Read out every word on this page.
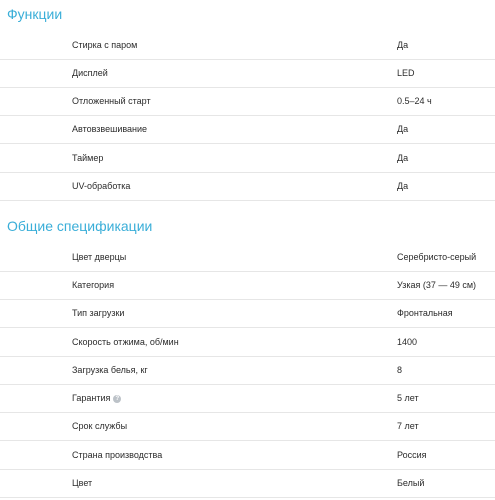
Функции
Стирка с паром	Да
Дисплей	LED
Отложенный старт	0.5–24 ч
Автовзвешивание	Да
Таймер	Да
UV-обработка	Да
Общие спецификации
Цвет дверцы	Серебристо-серый
Категория	Узкая (37 — 49 см)
Тип загрузки	Фронтальная
Скорость отжима, об/мин	1400
Загрузка белья, кг	8
Гарантия ?	5 лет
Срок службы	7 лет
Страна производства	Россия
Цвет	Белый
